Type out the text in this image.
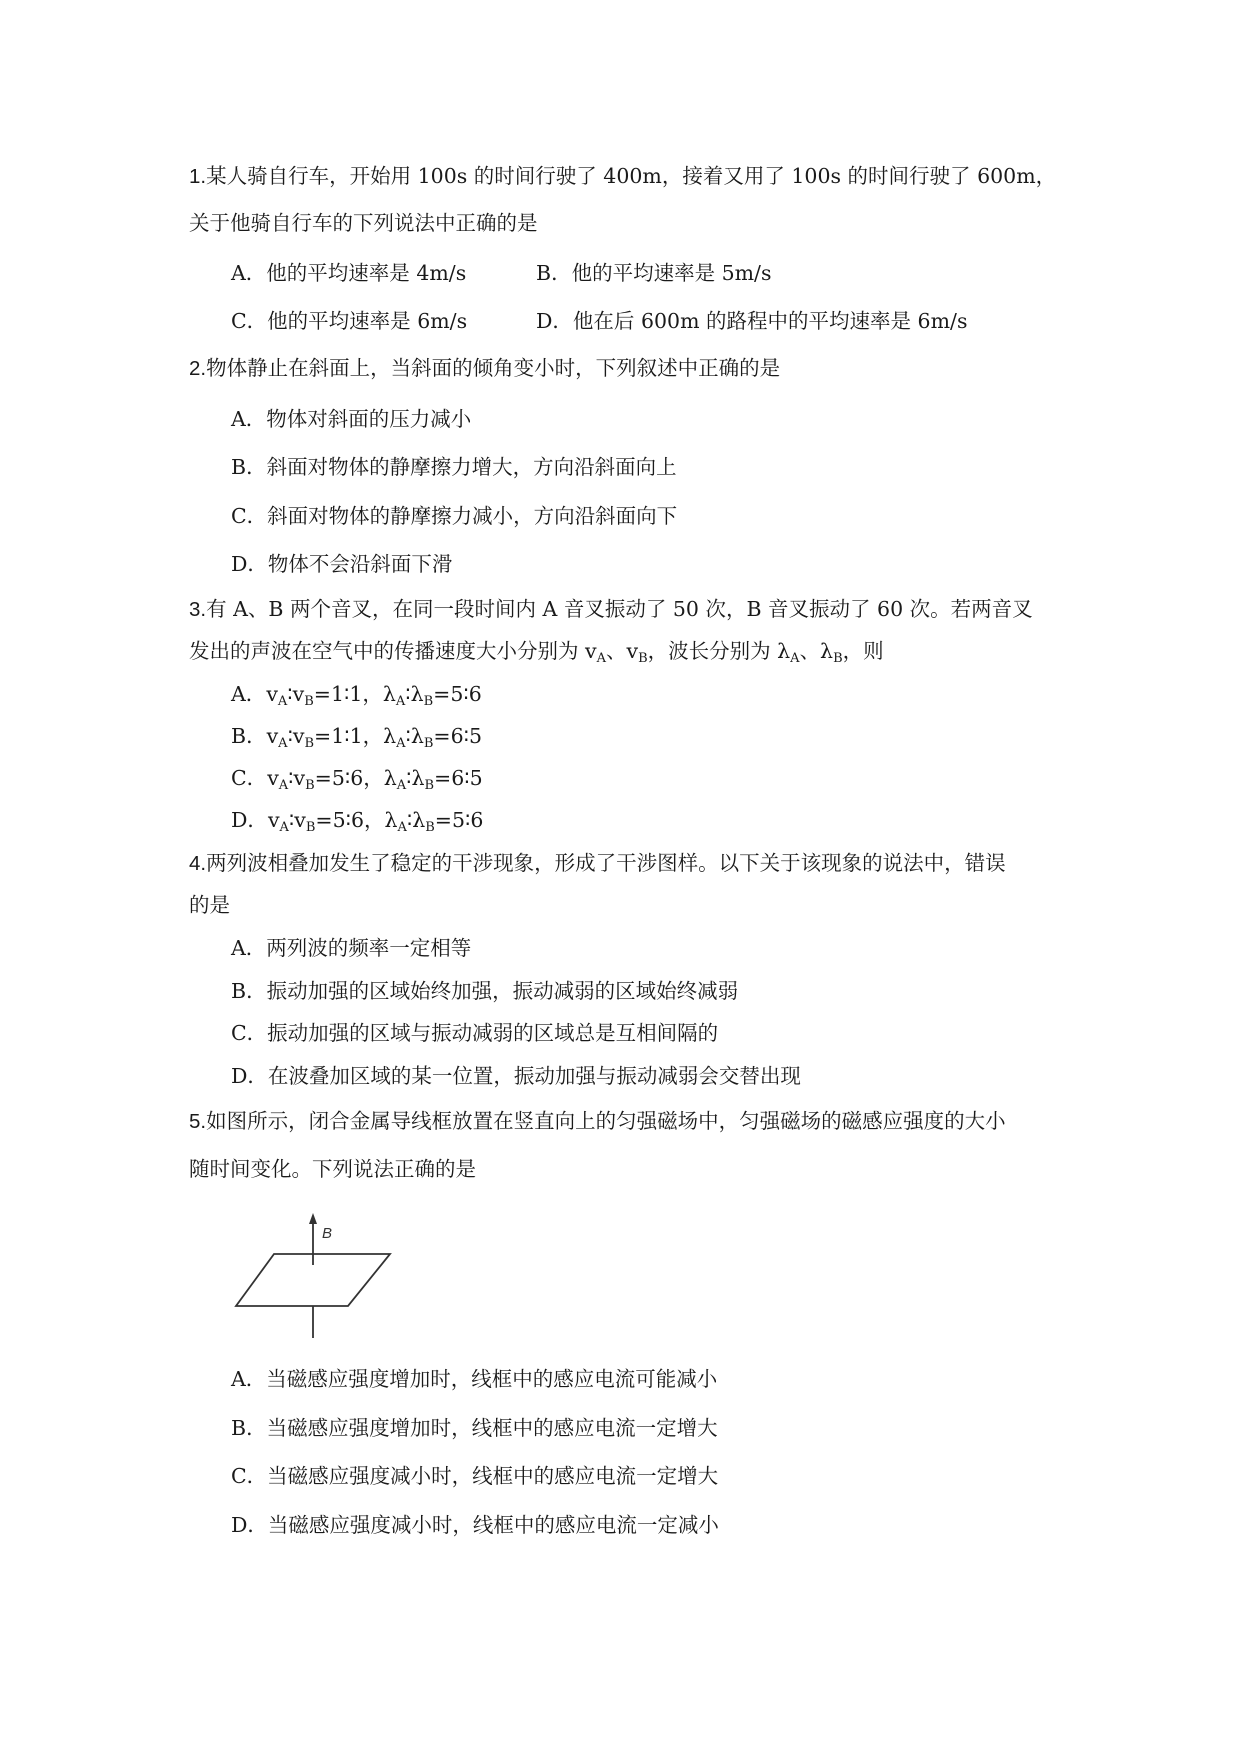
1.某人骑自行车，开始用 100s 的时间行驶了 400m，接着又用了 100s 的时间行驶了 600m，
关于他骑自行车的下列说法中正确的是
A．他的平均速率是 4m/s	B．他的平均速率是 5m/s
C．他的平均速率是 6m/s	D．他在后 600m 的路程中的平均速率是 6m/s
2.物体静止在斜面上，当斜面的倾角变小时，下列叙述中正确的是
A．物体对斜面的压力减小
B．斜面对物体的静摩擦力增大，方向沿斜面向上
C．斜面对物体的静摩擦力减小，方向沿斜面向下
D．物体不会沿斜面下滑
3.有 A、B 两个音叉，在同一段时间内 A 音叉振动了 50 次，B 音叉振动了 60 次。若两音叉
发出的声波在空气中的传播速度大小分别为 $v_A$、$v_B$，波长分别为 $\lambda_A$、$\lambda_B$，则
A．$v_A∶v_B=1∶1$，$\lambda_A∶\lambda_B=5∶6$
B．$v_A∶v_B=1∶1$，$\lambda_A∶\lambda_B=6∶5$
C．$v_A∶v_B=5∶6$，$\lambda_A∶\lambda_B=6∶5$
D．$v_A∶v_B=5∶6$，$\lambda_A∶\lambda_B=5∶6$
4.两列波相叠加发生了稳定的干涉现象，形成了干涉图样。以下关于该现象的说法中，错误
的是
A．两列波的频率一定相等
B．振动加强的区域始终加强，振动减弱的区域始终减弱
C．振动加强的区域与振动减弱的区域总是互相间隔的
D．在波叠加区域的某一位置，振动加强与振动减弱会交替出现
5.如图所示，闭合金属导线框放置在竖直向上的匀强磁场中，匀强磁场的磁感应强度的大小
随时间变化。下列说法正确的是
B
A．当磁感应强度增加时，线框中的感应电流可能减小
B．当磁感应强度增加时，线框中的感应电流一定增大
C．当磁感应强度减小时，线框中的感应电流一定增大
D．当磁感应强度减小时，线框中的感应电流一定减小
